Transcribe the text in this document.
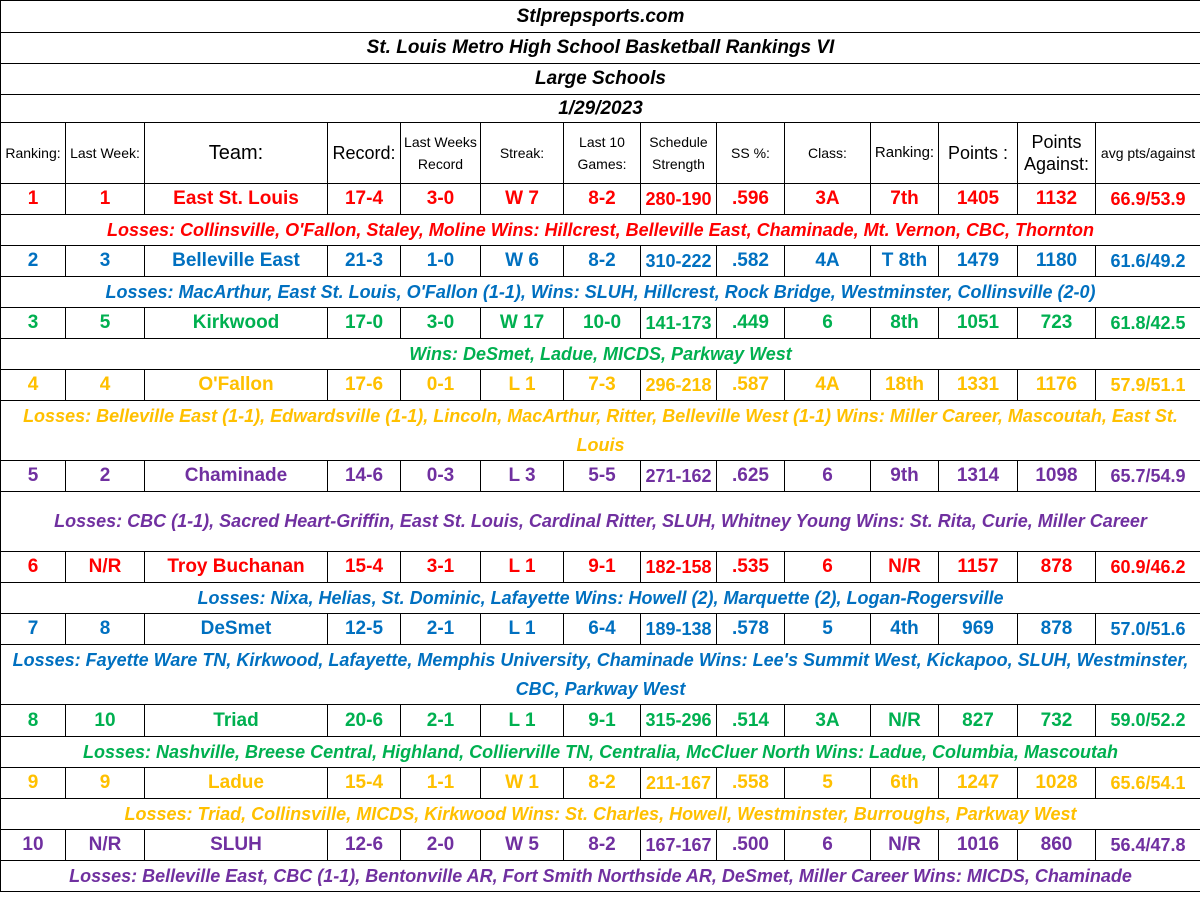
Stlprepsports.com													
St. Louis Metro High School Basketball Rankings VI													
Large Schools													
1/29/2023													
Ranking:	Last Week:	Team:	Record:	Last Weeks Record	Streak:	Last 10 Games:	Schedule Strength	SS %:	Class:	Ranking:	Points :	Points Against:	avg pts/against
1	1	East St. Louis	17-4	3-0	W 7	8-2	280-190	.596	3A	7th	1405	1132	66.9/53.9
Losses: Collinsville, O'Fallon, Staley, Moline Wins: Hillcrest, Belleville East, Chaminade, Mt. Vernon, CBC, Thornton													
2	3	Belleville East	21-3	1-0	W 6	8-2	310-222	.582	4A	T 8th	1479	1180	61.6/49.2
Losses: MacArthur, East St. Louis, O'Fallon (1-1), Wins: SLUH, Hillcrest, Rock Bridge, Westminster, Collinsville (2-0)													
3	5	Kirkwood	17-0	3-0	W 17	10-0	141-173	.449	6	8th	1051	723	61.8/42.5
Wins: DeSmet, Ladue, MICDS, Parkway West													
4	4	O'Fallon	17-6	0-1	L 1	7-3	296-218	.587	4A	18th	1331	1176	57.9/51.1
Losses: Belleville East (1-1), Edwardsville (1-1), Lincoln, MacArthur, Ritter, Belleville West (1-1) Wins: Miller Career, Mascoutah, East St. Louis													
5	2	Chaminade	14-6	0-3	L 3	5-5	271-162	.625	6	9th	1314	1098	65.7/54.9
Losses: CBC (1-1), Sacred Heart-Griffin, East St. Louis, Cardinal Ritter, SLUH, Whitney Young Wins: St. Rita, Curie, Miller Career													
6	N/R	Troy Buchanan	15-4	3-1	L 1	9-1	182-158	.535	6	N/R	1157	878	60.9/46.2
Losses: Nixa, Helias, St. Dominic, Lafayette Wins: Howell (2), Marquette (2), Logan-Rogersville													
7	8	DeSmet	12-5	2-1	L 1	6-4	189-138	.578	5	4th	969	878	57.0/51.6
Losses: Fayette Ware TN, Kirkwood, Lafayette, Memphis University, Chaminade Wins: Lee's Summit West, Kickapoo, SLUH, Westminster, CBC, Parkway West													
8	10	Triad	20-6	2-1	L 1	9-1	315-296	.514	3A	N/R	827	732	59.0/52.2
Losses: Nashville, Breese Central, Highland, Collierville TN, Centralia, McCluer North Wins: Ladue, Columbia, Mascoutah													
9	9	Ladue	15-4	1-1	W 1	8-2	211-167	.558	5	6th	1247	1028	65.6/54.1
Losses: Triad, Collinsville, MICDS, Kirkwood Wins: St. Charles, Howell, Westminster, Burroughs, Parkway West													
10	N/R	SLUH	12-6	2-0	W 5	8-2	167-167	.500	6	N/R	1016	860	56.4/47.8
Losses: Belleville East, CBC (1-1), Bentonville AR, Fort Smith Northside AR, DeSmet, Miller Career Wins: MICDS, Chaminade													
